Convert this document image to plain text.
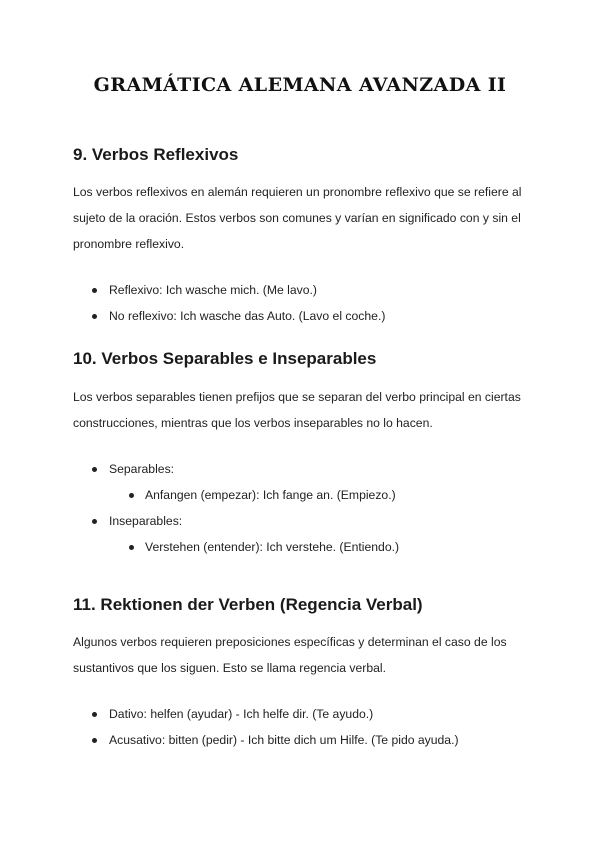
GRAMÁTICA ALEMANA AVANZADA II
9. Verbos Reflexivos

Los verbos reflexivos en alemán requieren un pronombre reflexivo que se refiere al
sujeto de la oración. Estos verbos son comunes y varían en significado con y sin el
pronombre reflexivo.

Reflexivo: Ich wasche mich. (Me lavo.)
No reflexivo: Ich wasche das Auto. (Lavo el coche.)
10. Verbos Separables e Inseparables

Los verbos separables tienen prefijos que se separan del verbo principal en ciertas
construcciones, mientras que los verbos inseparables no lo hacen.

Separables:
Anfangen (empezar): Ich fange an. (Empiezo.)
Inseparables:
Verstehen (entender): Ich verstehe. (Entiendo.)
11. Rektionen der Verben (Regencia Verbal)

Algunos verbos requieren preposiciones específicas y determinan el caso de los
sustantivos que los siguen. Esto se llama regencia verbal.

Dativo: helfen (ayudar) - Ich helfe dir. (Te ayudo.)
Acusativo: bitten (pedir) - Ich bitte dich um Hilfe. (Te pido ayuda.)
